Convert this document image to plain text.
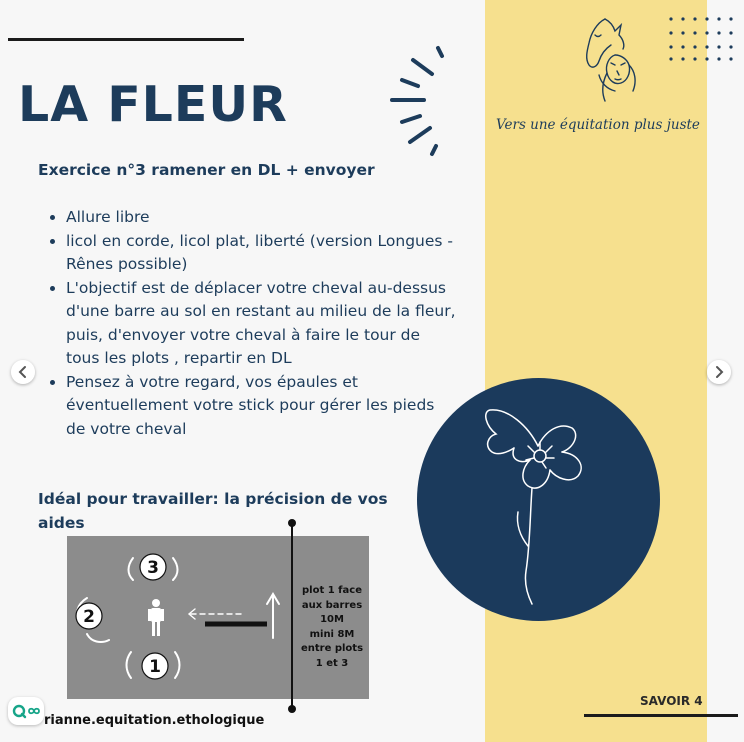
LA FLEUR	Vers une équitation plus juste
Exercice n°3 ramener en DL + envoyer
• Allure libre
• licol en corde, licol plat, liberté (version Longues -Rênes possible)
• L'objectif est de déplacer votre cheval au-dessus d'une barre au sol en restant au milieu de la fleur, puis, d'envoyer votre cheval à faire le tour de tous les plots , repartir en DL
• Pensez à votre regard, vos épaules et éventuellement votre stick pour gérer les pieds de votre cheval
Idéal pour travailler: la précision de vos aides
3
2
1
plot 1 face
aux barres
10M
mini 8M
entre plots
1 et 3
SAVOIR 4
rianne.equitation.ethologique
